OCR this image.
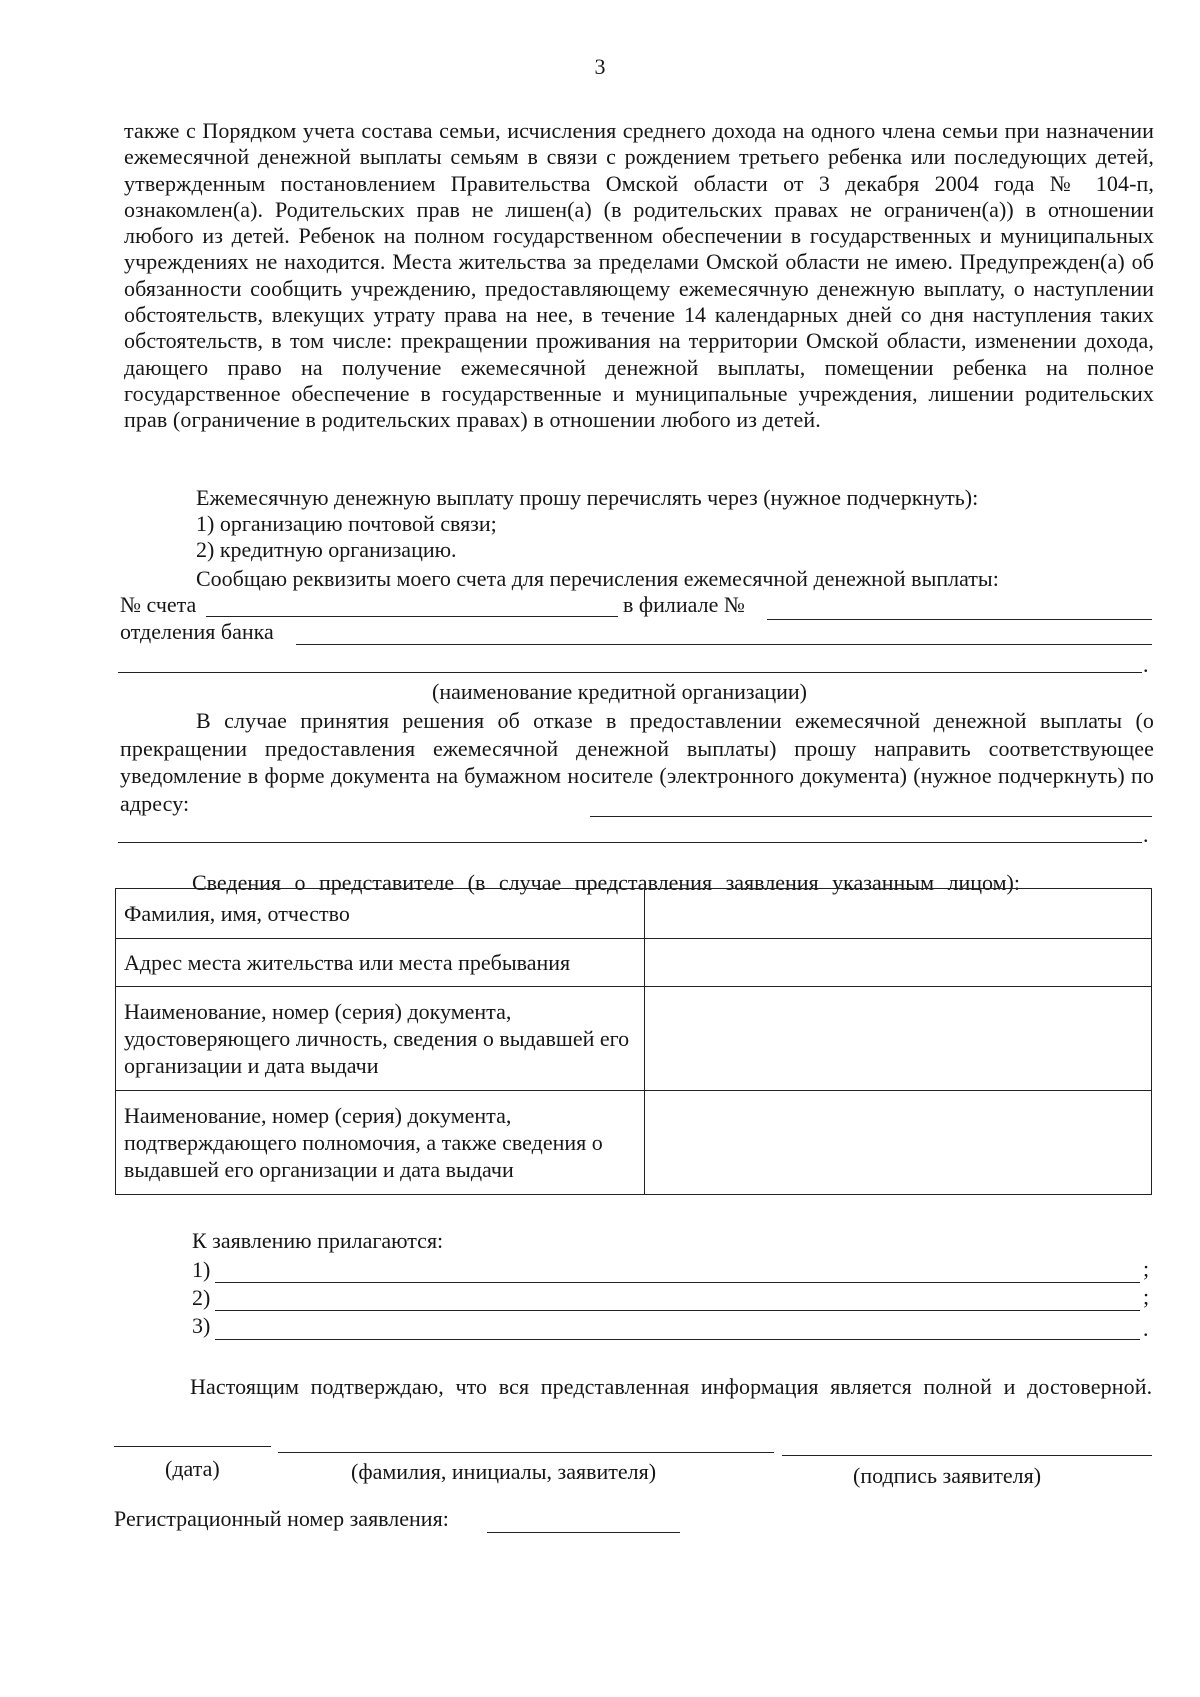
3
также с Порядком учета состава семьи, исчисления среднего дохода на одного члена семьи при назначении ежемесячной денежной выплаты семьям в связи с рождением третьего ребенка или последующих детей, утвержденным постановлением Правительства Омской области от 3 декабря 2004 года № 104-п, ознакомлен(а). Родительских прав не лишен(а) (в родительских правах не ограничен(а)) в отношении любого из детей. Ребенок на полном государственном обеспечении в государственных и муниципальных учреждениях не находится. Места жительства за пределами Омской области не имею. Предупрежден(а) об обязанности сообщить учреждению, предоставляющему ежемесячную денежную выплату, о наступлении обстоятельств, влекущих утрату права на нее, в течение 14 календарных дней со дня наступления таких обстоятельств, в том числе: прекращении проживания на территории Омской области, изменении дохода, дающего право на получение ежемесячной денежной выплаты, помещении ребенка на полное государственное обеспечение в государственные и муниципальные учреждения, лишении родительских прав (ограничение в родительских правах) в отношении любого из детей.
Ежемесячную денежную выплату прошу перечислять через (нужное подчеркнуть):
1) организацию почтовой связи;
2) кредитную организацию.
Сообщаю реквизиты моего счета для перечисления ежемесячной денежной выплаты:
№ счета	в филиале №
отделения банка
.
(наименование кредитной организации)
В случае принятия решения об отказе в предоставлении ежемесячной денежной выплаты (о прекращении предоставления ежемесячной денежной выплаты) прошу направить соответствующее уведомление в форме документа на бумажном носителе (электронного документа) (нужное подчеркнуть) по адресу:
.
Сведения о представителе (в случае представления заявления указанным лицом):
Фамилия, имя, отчество	
Адрес места жительства или места пребывания	
Наименование, номер (серия) документа, удостоверяющего личность, сведения о выдавшей его организации и дата выдачи	
Наименование, номер (серия) документа, подтверждающего полномочия, а также сведения о выдавшей его организации и дата выдачи	
К заявлению прилагаются:
1)	;
2)	;
3)	.
Настоящим подтверждаю, что вся представленная информация является полной и достоверной.
(дата)	(фамилия, инициалы, заявителя)	(подпись заявителя)
Регистрационный номер заявления:
